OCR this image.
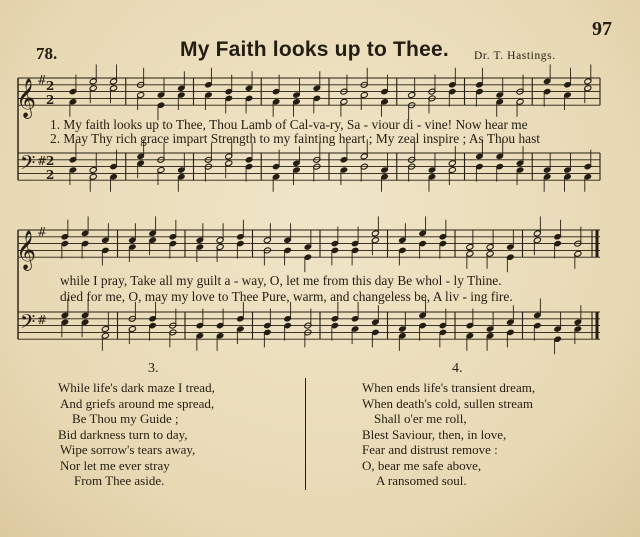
97
78.	My Faith looks up to Thee. Dr. T. Hastings.
𝄞 #
2
2
𝄢 #
2
2
𝄞 #
𝄢 #
1. My faith looks up to Thee, Thou Lamb of Cal-va-ry, Sa - viour di - vine! Now hear me
2. May Thy rich grace impart Strength to my fainting heart ; My zeal inspire ; As Thou hast
while I pray, Take all my guilt a - way, O, let me from this day Be whol - ly Thine.
died for me, O, may my love to Thee Pure, warm, and changeless be, A liv - ing fire.
3.
While life's dark maze I tread,
And griefs around me spread,
Be Thou my Guide ;
Bid darkness turn to day,
Wipe sorrow's tears away,
Nor let me ever stray
From Thee aside.
4.
When ends life's transient dream,
When death's cold, sullen stream
Shall o'er me roll,
Blest Saviour, then, in love,
Fear and distrust remove :
O, bear me safe above,
A ransomed soul.
